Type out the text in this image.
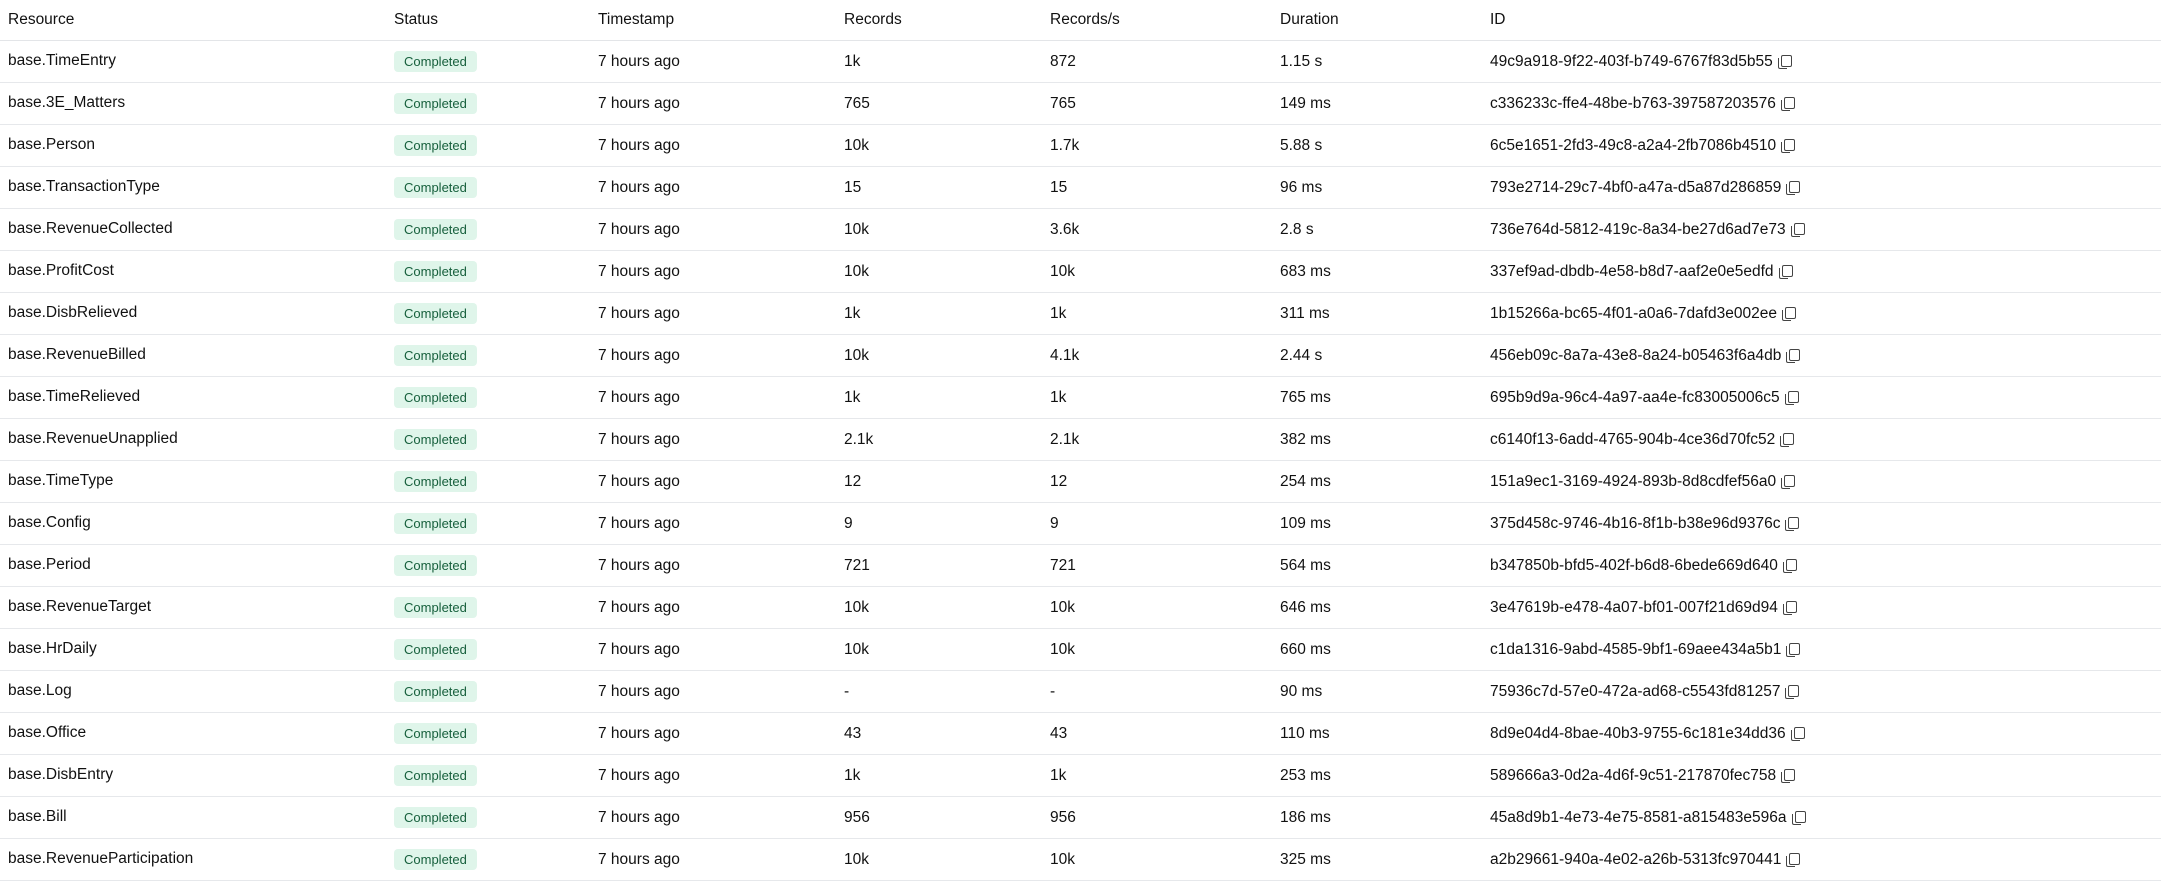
Resource	Status	Timestamp	Records	Records/s	Duration	ID
base.TimeEntry	Completed	7 hours ago	1k	872	1.15 s	49c9a918-9f22-403f-b749-6767f83d5b55
base.3E_Matters	Completed	7 hours ago	765	765	149 ms	c336233c-ffe4-48be-b763-397587203576
base.Person	Completed	7 hours ago	10k	1.7k	5.88 s	6c5e1651-2fd3-49c8-a2a4-2fb7086b4510
base.TransactionType	Completed	7 hours ago	15	15	96 ms	793e2714-29c7-4bf0-a47a-d5a87d286859
base.RevenueCollected	Completed	7 hours ago	10k	3.6k	2.8 s	736e764d-5812-419c-8a34-be27d6ad7e73
base.ProfitCost	Completed	7 hours ago	10k	10k	683 ms	337ef9ad-dbdb-4e58-b8d7-aaf2e0e5edfd
base.DisbRelieved	Completed	7 hours ago	1k	1k	311 ms	1b15266a-bc65-4f01-a0a6-7dafd3e002ee
base.RevenueBilled	Completed	7 hours ago	10k	4.1k	2.44 s	456eb09c-8a7a-43e8-8a24-b05463f6a4db
base.TimeRelieved	Completed	7 hours ago	1k	1k	765 ms	695b9d9a-96c4-4a97-aa4e-fc83005006c5
base.RevenueUnapplied	Completed	7 hours ago	2.1k	2.1k	382 ms	c6140f13-6add-4765-904b-4ce36d70fc52
base.TimeType	Completed	7 hours ago	12	12	254 ms	151a9ec1-3169-4924-893b-8d8cdfef56a0
base.Config	Completed	7 hours ago	9	9	109 ms	375d458c-9746-4b16-8f1b-b38e96d9376c
base.Period	Completed	7 hours ago	721	721	564 ms	b347850b-bfd5-402f-b6d8-6bede669d640
base.RevenueTarget	Completed	7 hours ago	10k	10k	646 ms	3e47619b-e478-4a07-bf01-007f21d69d94
base.HrDaily	Completed	7 hours ago	10k	10k	660 ms	c1da1316-9abd-4585-9bf1-69aee434a5b1
base.Log	Completed	7 hours ago	-	-	90 ms	75936c7d-57e0-472a-ad68-c5543fd81257
base.Office	Completed	7 hours ago	43	43	110 ms	8d9e04d4-8bae-40b3-9755-6c181e34dd36
base.DisbEntry	Completed	7 hours ago	1k	1k	253 ms	589666a3-0d2a-4d6f-9c51-217870fec758
base.Bill	Completed	7 hours ago	956	956	186 ms	45a8d9b1-4e73-4e75-8581-a815483e596a
base.RevenueParticipation	Completed	7 hours ago	10k	10k	325 ms	a2b29661-940a-4e02-a26b-5313fc970441
